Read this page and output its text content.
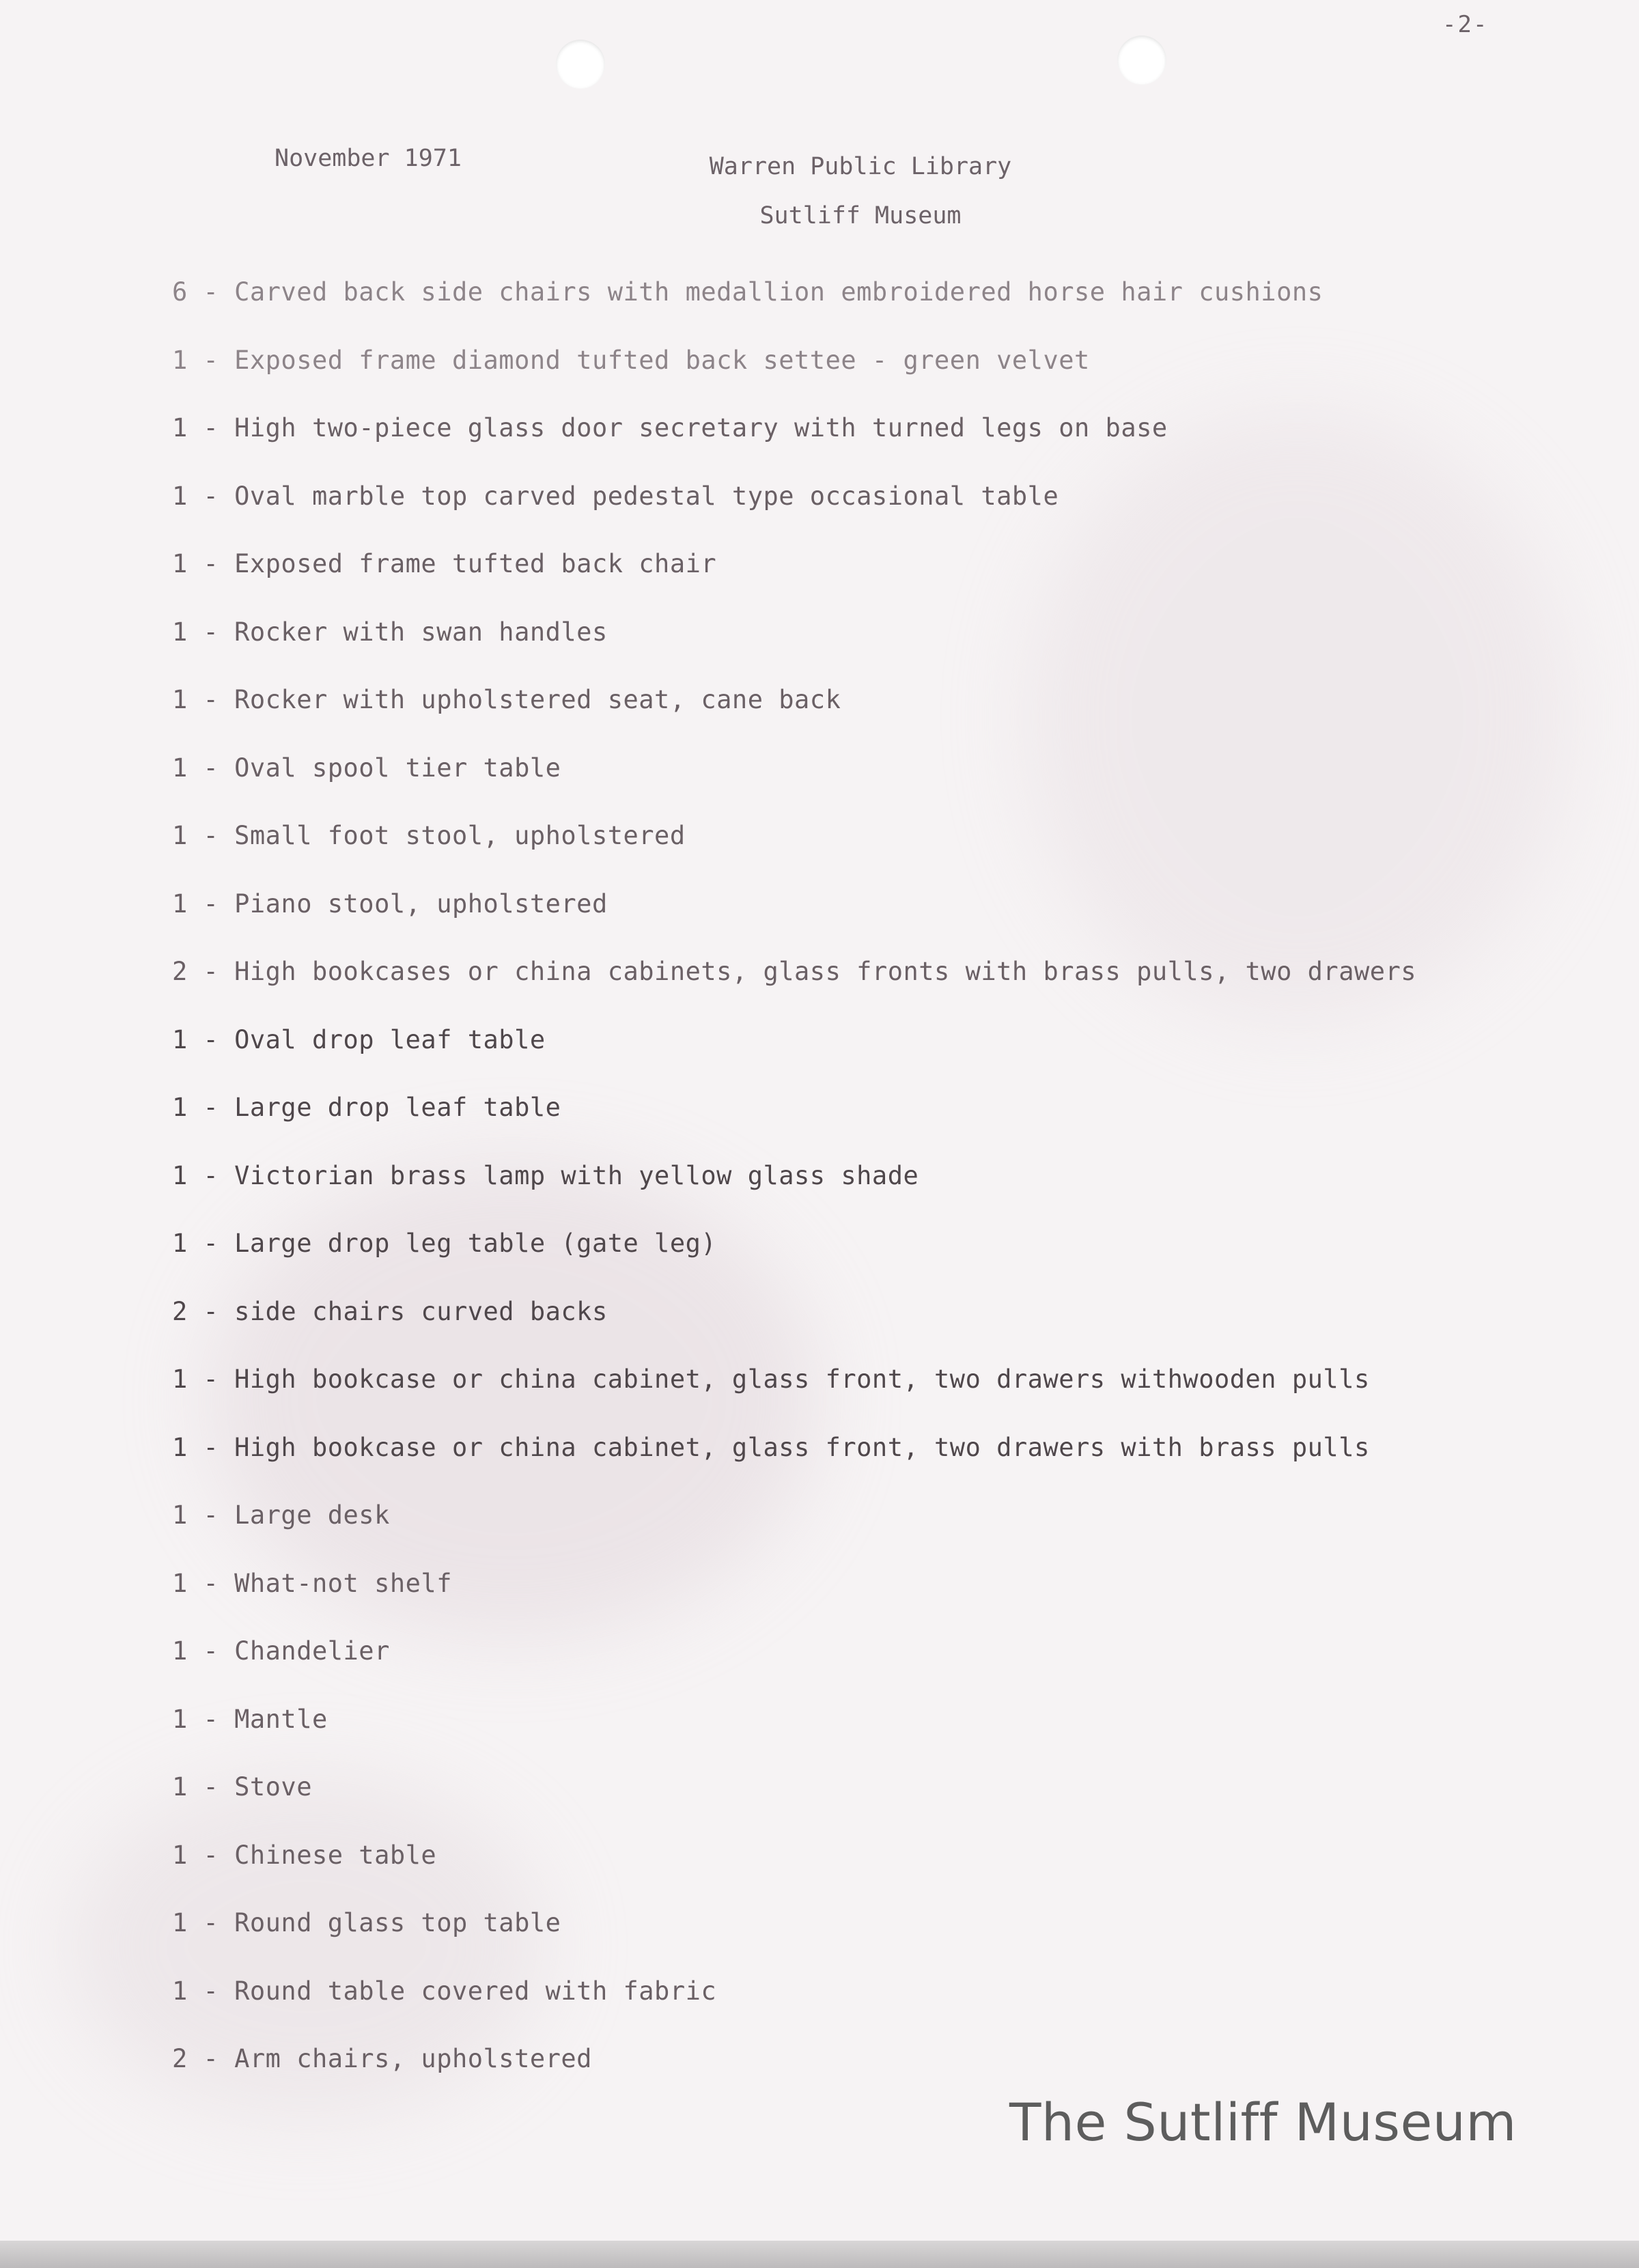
-2-
November 1971	Warren Public Library
Sutliff Museum
6 - Carved back side chairs with medallion embroidered horse hair cushions
1 - Exposed frame diamond tufted back settee - green velvet
1 - High two-piece glass door secretary with turned legs on base
1 - Oval marble top carved pedestal type occasional table
1 - Exposed frame tufted back chair
1 - Rocker with swan handles
1 - Rocker with upholstered seat, cane back
1 - Oval spool tier table
1 - Small foot stool, upholstered
1 - Piano stool, upholstered
2 - High bookcases or china cabinets, glass fronts with brass pulls, two drawers
1 - Oval drop leaf table
1 - Large drop leaf table
1 - Victorian brass lamp with yellow glass shade
1 - Large drop leg table (gate leg)
2 - side chairs curved backs
1 - High bookcase or china cabinet, glass front, two drawers withwooden pulls
1 - High bookcase or china cabinet, glass front, two drawers with brass pulls
1 - Large desk
1 - What-not shelf
1 - Chandelier
1 - Mantle
1 - Stove
1 - Chinese table
1 - Round glass top table
1 - Round table covered with fabric
2 - Arm chairs, upholstered
The Sutliff Museum
